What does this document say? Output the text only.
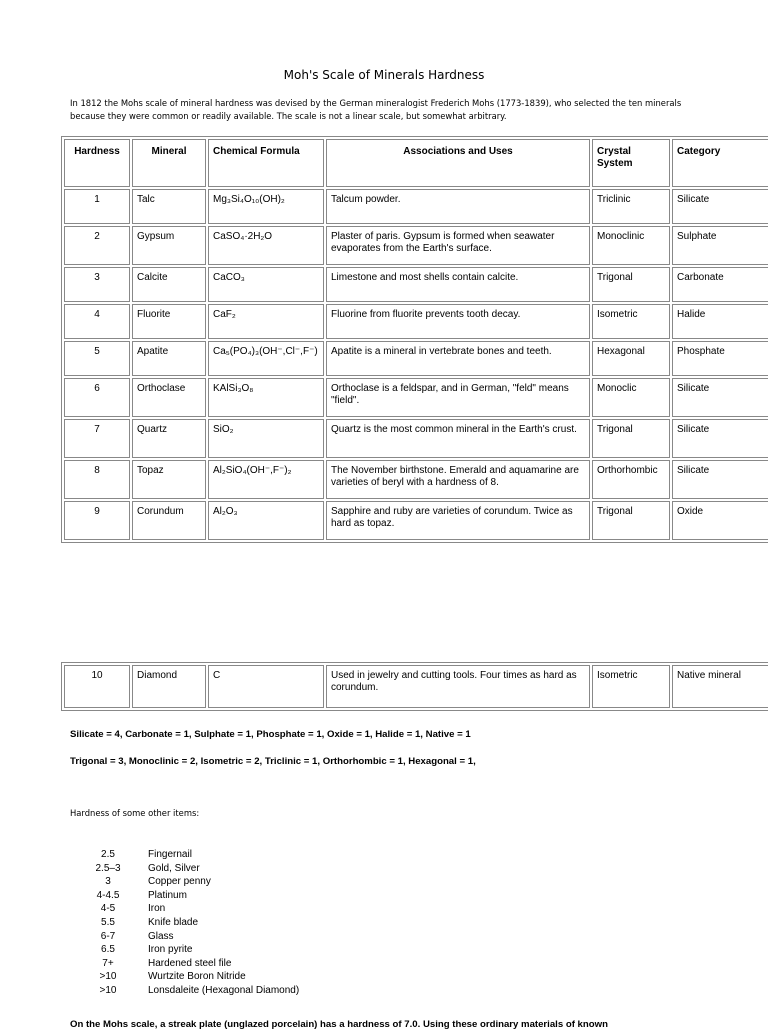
Moh's Scale of Minerals Hardness
In 1812 the Mohs scale of mineral hardness was devised by the German mineralogist Frederich Mohs (1773-1839), who selected the ten minerals because they were common or readily available. The scale is not a linear scale, but somewhat arbitrary.
Hardness	Mineral	Chemical Formula	Associations and Uses	Crystal System	Category
1	Talc	Mg₃Si₄O₁₀(OH)₂	Talcum powder.	Triclinic	Silicate
2	Gypsum	CaSO₄·2H₂O	Plaster of paris. Gypsum is formed when seawater evaporates from the Earth's surface.	Monoclinic	Sulphate
3	Calcite	CaCO₃	Limestone and most shells contain calcite.	Trigonal	Carbonate
4	Fluorite	CaF₂	Fluorine from fluorite prevents tooth decay.	Isometric	Halide
5	Apatite	Ca₅(PO₄)₃(OH⁻,Cl⁻,F⁻)	Apatite is a mineral in vertebrate bones and teeth.	Hexagonal	Phosphate
6	Orthoclase	KAlSi₃O₈	Orthoclase is a feldspar, and in German, "feld" means "field".	Monoclic	Silicate
7	Quartz	SiO₂	Quartz is the most common mineral in the Earth's crust.	Trigonal	Silicate
8	Topaz	Al₂SiO₄(OH⁻,F⁻)₂	The November birthstone. Emerald and aquamarine are varieties of beryl with a hardness of 8.	Orthorhombic	Silicate
9	Corundum	Al₂O₃	Sapphire and ruby are varieties of corundum. Twice as hard as topaz.	Trigonal	Oxide
10	Diamond	C	Used in jewelry and cutting tools. Four times as hard as corundum.	Isometric	Native mineral
Silicate = 4, Carbonate = 1, Sulphate = 1, Phosphate = 1, Oxide = 1, Halide = 1, Native = 1
Trigonal = 3, Monoclinic = 2, Isometric = 2, Triclinic = 1, Orthorhombic = 1, Hexagonal = 1,
Hardness of some other items:
2.5	Fingernail
2.5–3	Gold, Silver
3	Copper penny
4-4.5	Platinum
4-5	Iron
5.5	Knife blade
6-7	Glass
6.5	Iron pyrite
7+	Hardened steel file
>10	Wurtzite Boron Nitride
>10	Lonsdaleite (Hexagonal Diamond)
On the Mohs scale, a streak plate (unglazed porcelain) has a hardness of 7.0. Using these ordinary materials of known
